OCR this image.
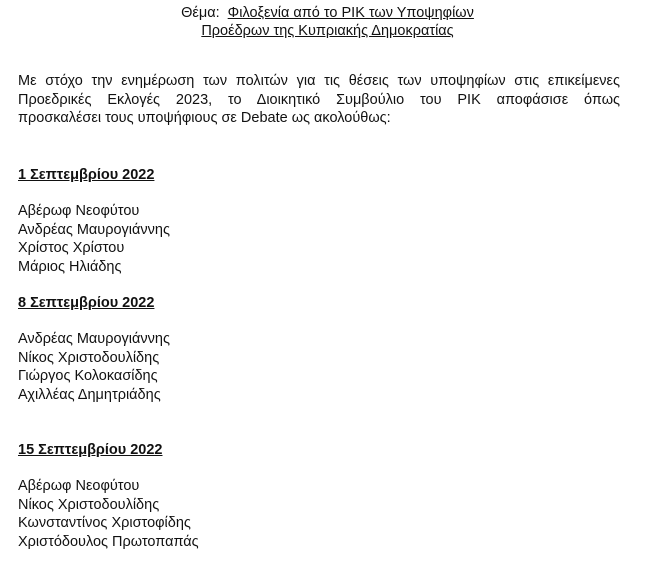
Θέμα: Φιλοξενία από το ΡΙΚ των Υποψηφίων
Προέδρων της Κυπριακής Δημοκρατίας
Με στόχο την ενημέρωση των πολιτών για τις θέσεις των υποψηφίων στις επικείμενες
Προεδρικές Εκλογές 2023, το Διοικητικό Συμβούλιο του ΡΙΚ αποφάσισε όπως
προσκαλέσει τους υποψήφιους σε Debate ως ακολούθως:
1 Σεπτεμβρίου 2022
Αβέρωφ Νεοφύτου
Ανδρέας Μαυρογιάννης
Χρίστος Χρίστου
Μάριος Ηλιάδης
8 Σεπτεμβρίου 2022
Ανδρέας Μαυρογιάννης
Νίκος Χριστοδουλίδης
Γιώργος Κολοκασίδης
Αχιλλέας Δημητριάδης
15 Σεπτεμβρίου 2022
Αβέρωφ Νεοφύτου
Νίκος Χριστοδουλίδης
Κωνσταντίνος Χριστοφίδης
Χριστόδουλος Πρωτοπαπάς
